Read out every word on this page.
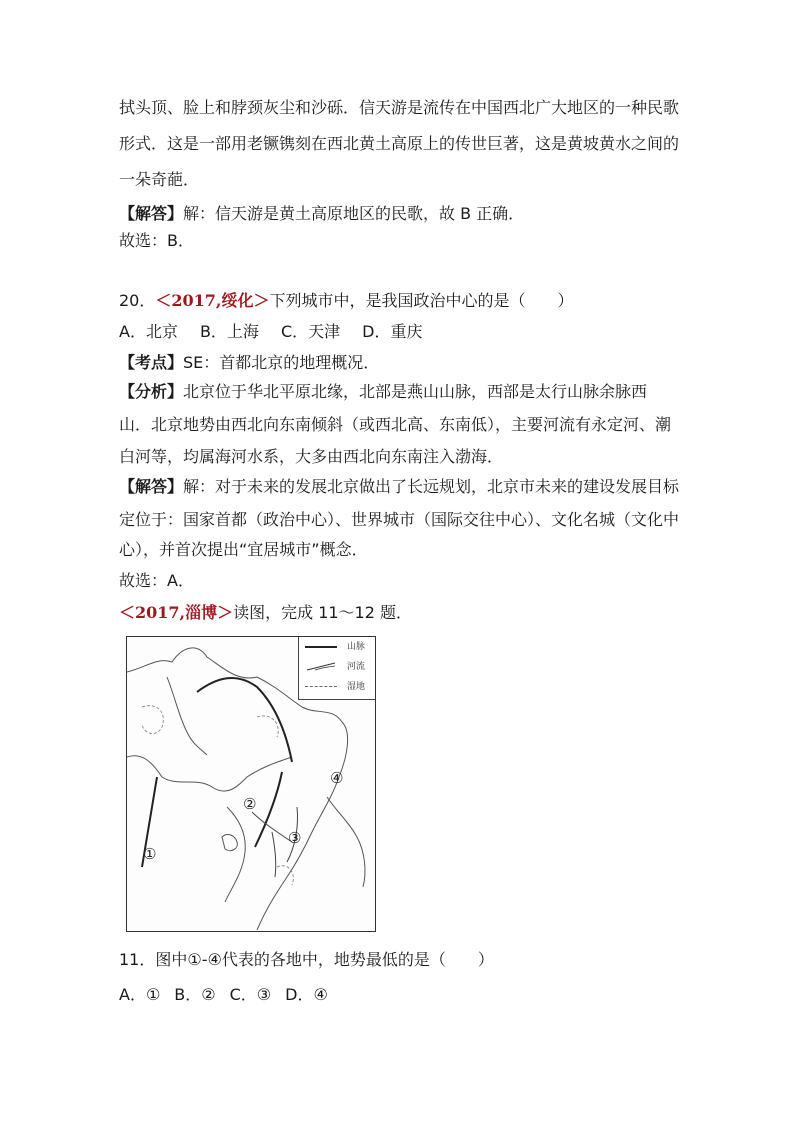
拭头顶、脸上和脖颈灰尘和沙砾．信天游是流传在中国西北广大地区的一种民歌
形式．这是一部用老镢镌刻在西北黄土高原上的传世巨著，这是黄坡黄水之间的
一朵奇葩．
【解答】解：信天游是黄土高原地区的民歌，故 B 正确．
故选：B．
20．＜2017,绥化＞下列城市中，是我国政治中心的是（　　）
A．北京 B．上海 C．天津 D．重庆
【考点】SE：首都北京的地理概况．
【分析】北京位于华北平原北缘，北部是燕山山脉，西部是太行山脉余脉西
山．北京地势由西北向东南倾斜（或西北高、东南低），主要河流有永定河、潮
白河等，均属海河水系，大多由西北向东南注入渤海．
【解答】解：对于未来的发展北京做出了长远规划，北京市未来的建设发展目标
定位于：国家首都（政治中心）、世界城市（国际交往中心）、文化名城（文化中
心），并首次提出“宜居城市”概念．
故选：A．
＜2017,淄博＞读图，完成 11～12 题．
①
②
③
④
山脉
河流
湿地
11．图中①-④代表的各地中，地势最低的是（　　）
A．① B．② C．③ D．④
